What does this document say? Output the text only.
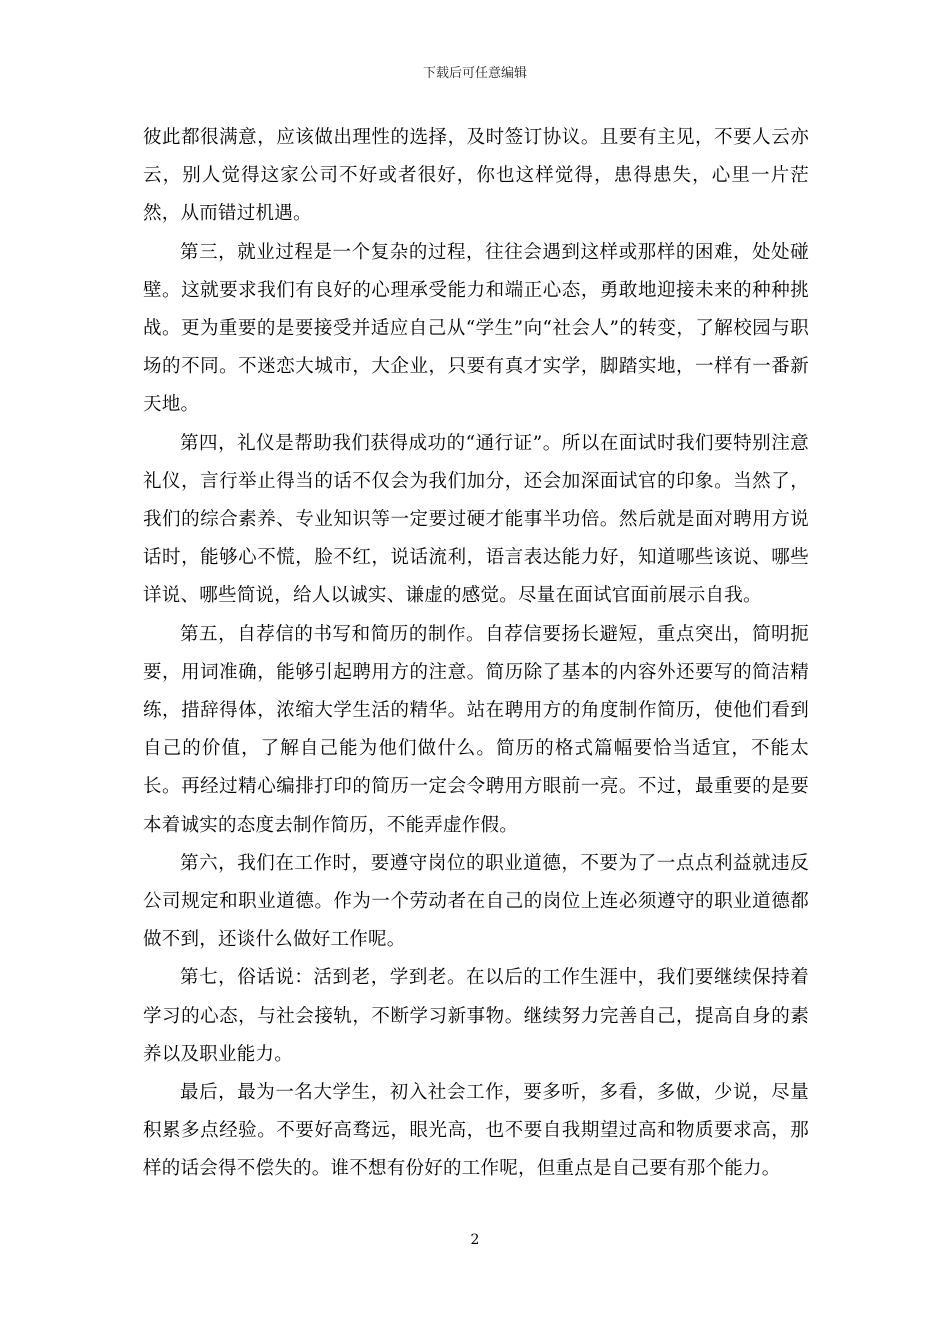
下载后可任意编辑

彼此都很满意，应该做出理性的选择，及时签订协议。且要有主见，不要人云亦云，别人觉得这家公司不好或者很好，你也这样觉得，患得患失，心里一片茫然，从而错过机遇。

第三，就业过程是一个复杂的过程，往往会遇到这样或那样的困难，处处碰壁。这就要求我们有良好的心理承受能力和端正心态，勇敢地迎接未来的种种挑战。更为重要的是要接受并适应自己从“学生”向“社会人”的转变，了解校园与职场的不同。不迷恋大城市，大企业，只要有真才实学，脚踏实地，一样有一番新天地。

第四，礼仪是帮助我们获得成功的“通行证”。所以在面试时我们要特别注意礼仪，言行举止得当的话不仅会为我们加分，还会加深面试官的印象。当然了，我们的综合素养、专业知识等一定要过硬才能事半功倍。然后就是面对聘用方说话时，能够心不慌，脸不红，说话流利，语言表达能力好，知道哪些该说、哪些详说、哪些简说，给人以诚实、谦虚的感觉。尽量在面试官面前展示自我。

第五，自荐信的书写和简历的制作。自荐信要扬长避短，重点突出，简明扼要，用词准确，能够引起聘用方的注意。简历除了基本的内容外还要写的简洁精练，措辞得体，浓缩大学生活的精华。站在聘用方的角度制作简历，使他们看到自己的价值，了解自己能为他们做什么。简历的格式篇幅要恰当适宜，不能太长。再经过精心编排打印的简历一定会令聘用方眼前一亮。不过，最重要的是要本着诚实的态度去制作简历，不能弄虚作假。

第六，我们在工作时，要遵守岗位的职业道德，不要为了一点点利益就违反公司规定和职业道德。作为一个劳动者在自己的岗位上连必须遵守的职业道德都做不到，还谈什么做好工作呢。

第七，俗话说：活到老，学到老。在以后的工作生涯中，我们要继续保持着学习的心态，与社会接轨，不断学习新事物。继续努力完善自己，提高自身的素养以及职业能力。

最后，最为一名大学生，初入社会工作，要多听，多看，多做，少说，尽量积累多点经验。不要好高骛远，眼光高，也不要自我期望过高和物质要求高，那样的话会得不偿失的。谁不想有份好的工作呢，但重点是自己要有那个能力。

2
